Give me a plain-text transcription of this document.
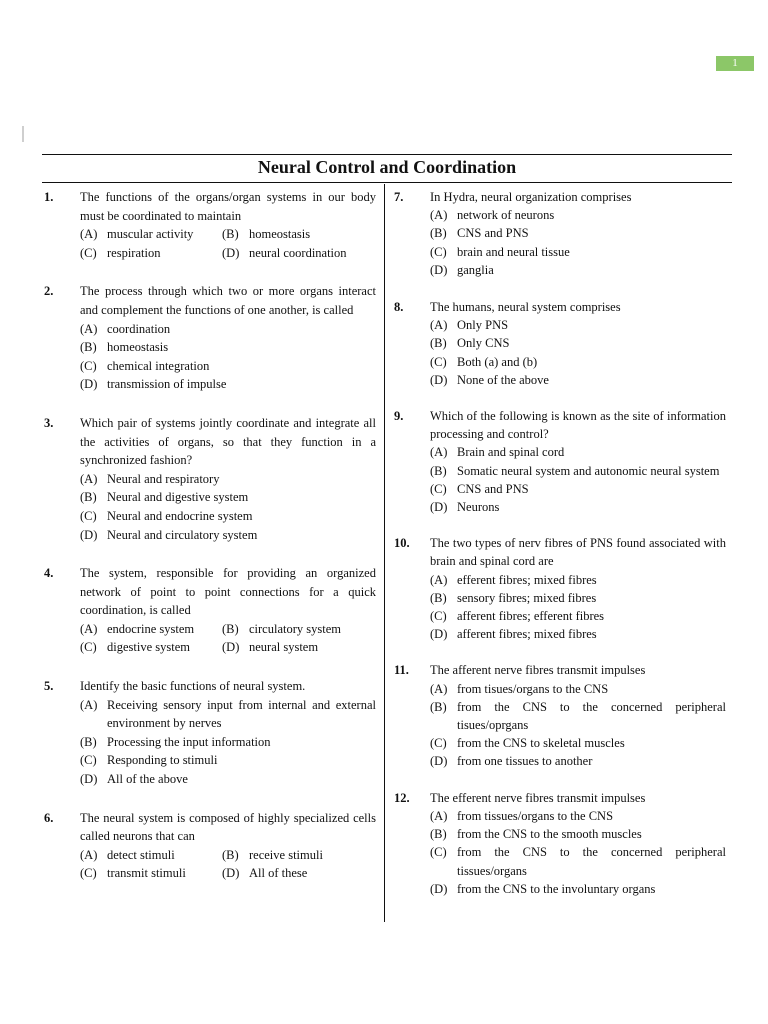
1
Neural Control and Coordination
1. The functions of the organs/organ systems in our body must be coordinated to maintain
(A) muscular activity	(B) homeostasis
(C) respiration	(D) neural coordination
2. The process through which two or more organs interact and complement the functions of one another, is called
(A) coordination
(B) homeostasis
(C) chemical integration
(D) transmission of impulse
3. Which pair of systems jointly coordinate and integrate all the activities of organs, so that they function in a synchronized fashion?
(A) Neural and respiratory
(B) Neural and digestive system
(C) Neural and endocrine system
(D) Neural and circulatory system
4. The system, responsible for providing an organized network of point to point connections for a quick coordination, is called
(A) endocrine system	(B) circulatory system
(C) digestive system	(D) neural system
5. Identify the basic functions of neural system.
(A) Receiving sensory input from internal and external environment by nerves
(B) Processing the input information
(C) Responding to stimuli
(D) All of the above
6. The neural system is composed of highly specialized cells called neurons that can
(A) detect stimuli	(B) receive stimuli
(C) transmit stimuli	(D) All of these
7. In Hydra, neural organization comprises
(A) network of neurons
(B) CNS and PNS
(C) brain and neural tissue
(D) ganglia
8. The humans, neural system comprises
(A) Only PNS
(B) Only CNS
(C) Both (a) and (b)
(D) None of the above
9. Which of the following is known as the site of information processing and control?
(A) Brain and spinal cord
(B) Somatic neural system and autonomic neural system
(C) CNS and PNS
(D) Neurons
10. The two types of nerv fibres of PNS found associated with brain and spinal cord are
(A) efferent fibres; mixed fibres
(B) sensory fibres; mixed fibres
(C) afferent fibres; efferent fibres
(D) afferent fibres; mixed fibres
11. The afferent nerve fibres transmit impulses
(A) from tisues/organs to the CNS
(B) from the CNS to the concerned peripheral tisues/oprgans
(C) from the CNS to skeletal muscles
(D) from one tissues to another
12. The efferent nerve fibres transmit impulses
(A) from tissues/organs to the CNS
(B) from the CNS to the smooth muscles
(C) from the CNS to the concerned peripheral tissues/organs
(D) from the CNS to the involuntary organs
